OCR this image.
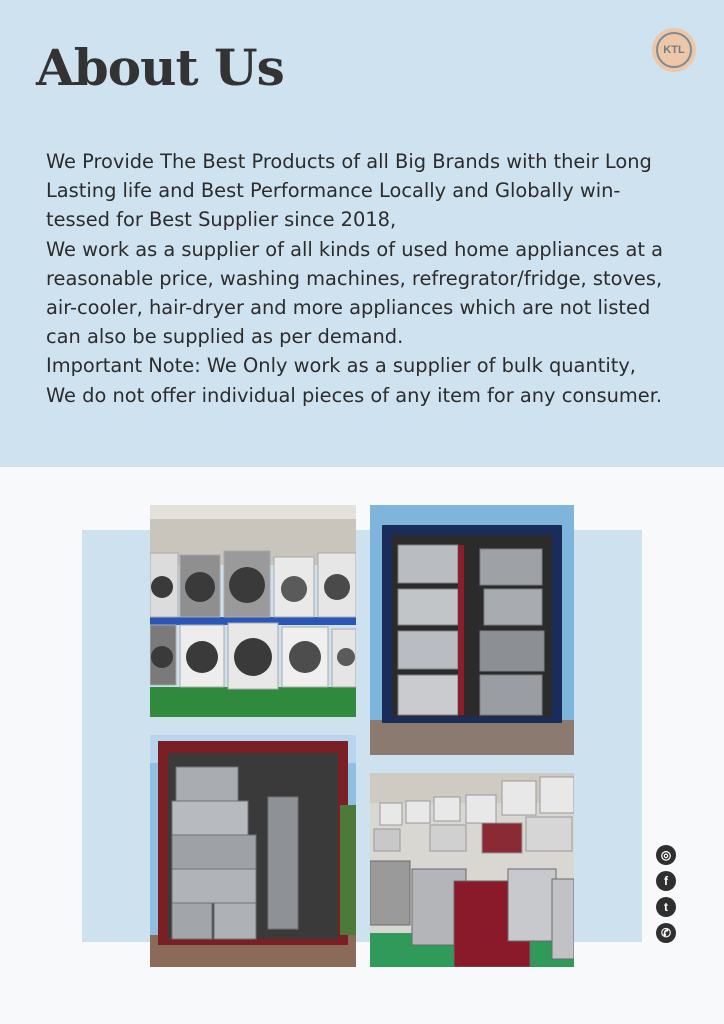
About Us	KTL

We Provide The Best Products of all Big Brands with their Long

Lasting life and Best Performance Locally and Globally win-

tessed for Best Supplier since 2018,

We work as a supplier of all kinds of used home appliances at a

reasonable price, washing machines, refregrator/fridge, stoves,

air-cooler, hair-dryer and more appliances which are not listed

can also be supplied as per demand.

Important Note: We Only work as a supplier of bulk quantity,

We do not offer individual pieces of any item for any consumer.

◎
f
t
✆
